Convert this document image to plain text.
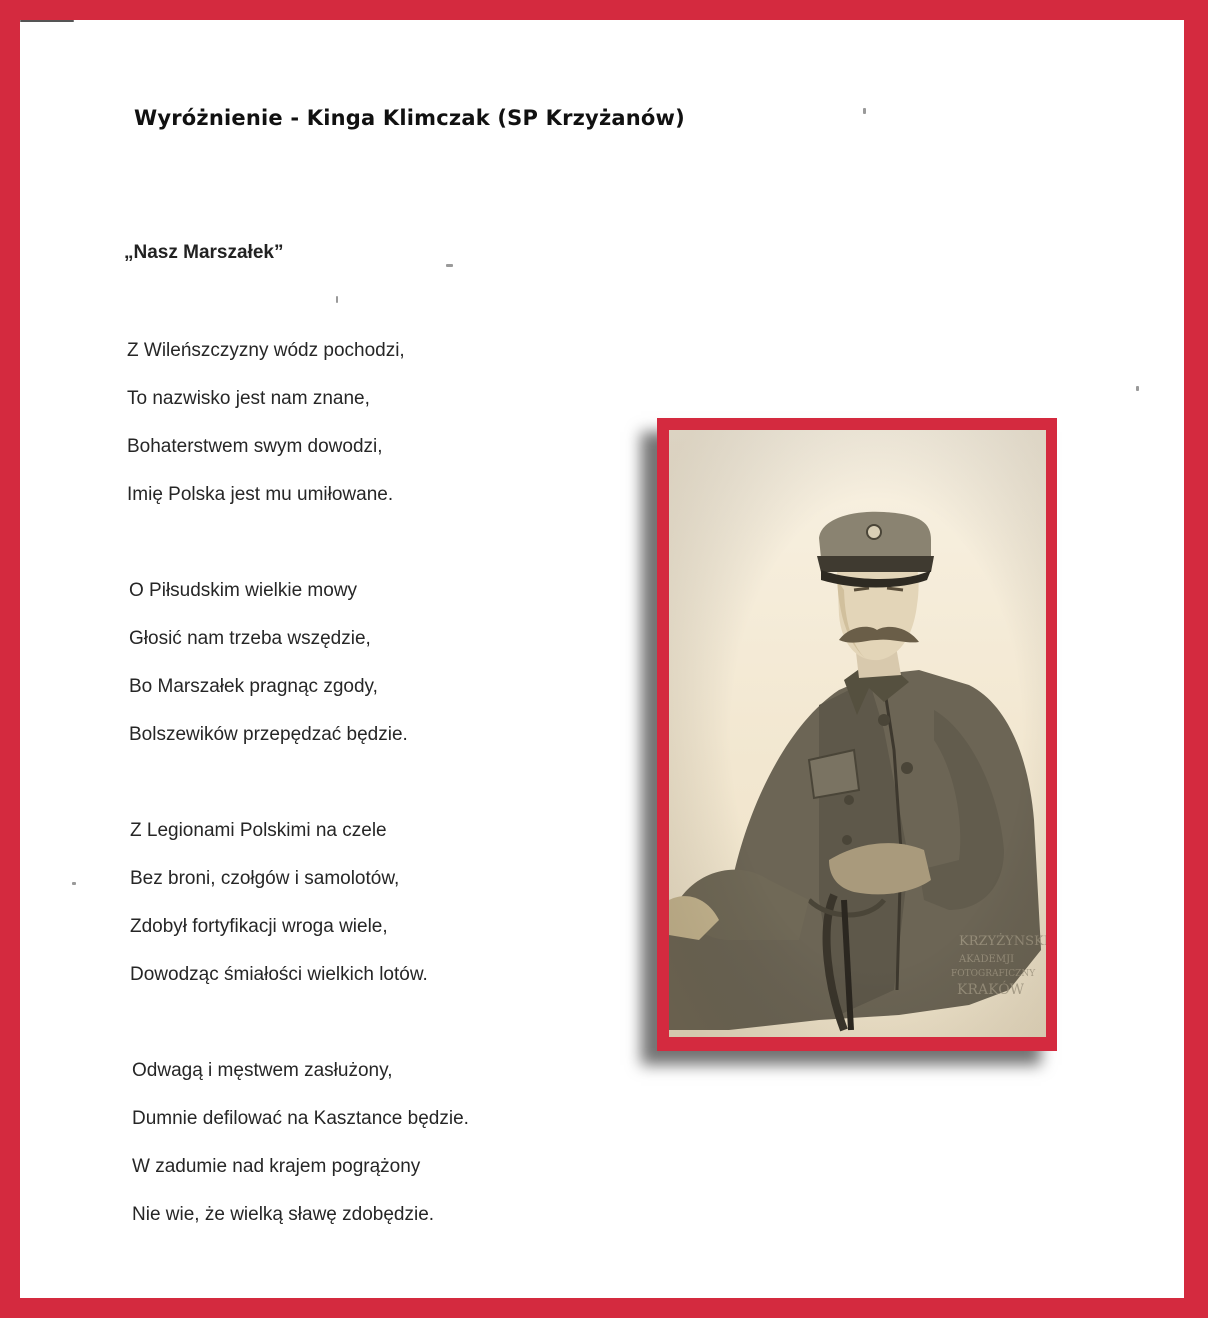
Wyróżnienie - Kinga Klimczak (SP Krzyżanów)
„Nasz Marszałek”
Z Wileńszczyzny wódz pochodzi,
To nazwisko jest nam znane,
Bohaterstwem swym dowodzi,
Imię Polska jest mu umiłowane.
O Piłsudskim wielkie mowy
Głosić nam trzeba wszędzie,
Bo Marszałek pragnąc zgody,
Bolszewików przepędzać będzie.
Z Legionami Polskimi na czele
Bez broni, czołgów i samolotów,
Zdobył fortyfikacji wroga wiele,
Dowodząc śmiałości wielkich lotów.
Odwagą i męstwem zasłużony,
Dumnie defilować na Kasztance będzie.
W zadumie nad krajem pogrążony
Nie wie, że wielką sławę zdobędzie.
